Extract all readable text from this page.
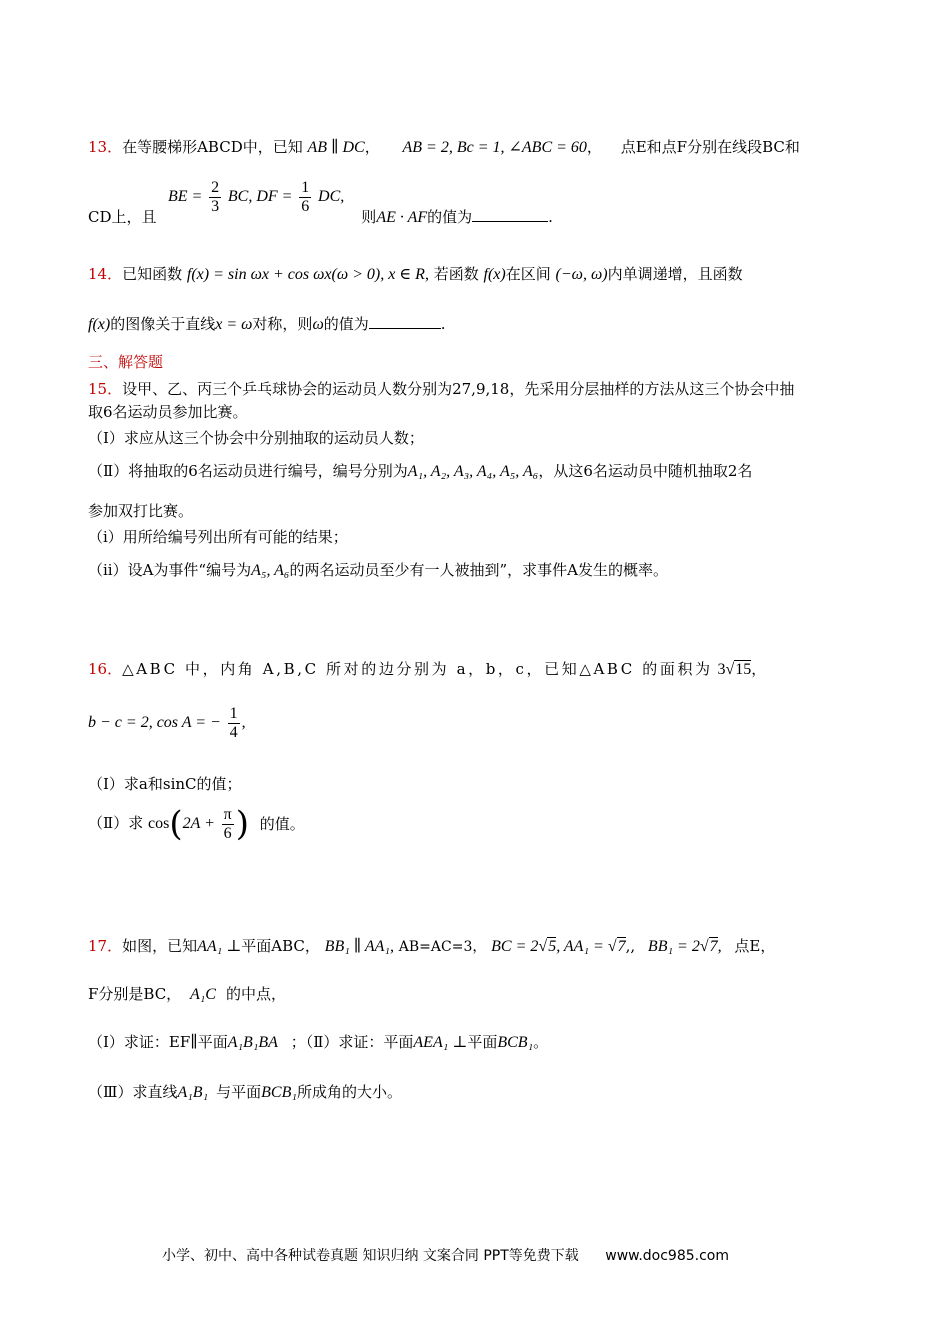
13．在等腰梯形ABCD中，已知 AB ∥ DC， AB = 2, Bc = 1, ∠ABC = 60， 点E和点F分别在线段BC和
BE = $\frac{2}{3}$ BC, DF = $\frac{1}{6}$ DC,
CD上，且	则AE · AF的值为	.
14．已知函数 f(x) = sin ωx + cos ωx(ω > 0), x ∈ R, 若函数 f(x)在区间 (−ω, ω)内单调递增，且函数
f(x)的图像关于直线x = ω对称，则ω的值为	.
三、解答题
15．设甲、乙、丙三个乒乓球协会的运动员人数分别为27,9,18，先采用分层抽样的方法从这三个协会中抽
取6名运动员参加比赛。
（Ⅰ）求应从这三个协会中分别抽取的运动员人数；
（Ⅱ）将抽取的6名运动员进行编号，编号分别为A₁, A₂, A₃, A₄, A₅, A₆，从这6名运动员中随机抽取2名
参加双打比赛。
（i）用所给编号列出所有可能的结果；
（ii）设A为事件“编号为A₅, A₆的两名运动员至少有一人被抽到”，求事件A发生的概率。
16．△ABC 中，内角 A,B,C 所对的边分别为 a，b，c，已知△ABC 的面积为 3√15，
b − c = 2, cos A = − $\frac{1}{4}$ ,
（Ⅰ）求a和sinC的值；
（Ⅱ）求 $\cos(2A + \frac{\pi}{6}$ ) 的值。
17．如图，已知AA₁ ⊥平面ABC， BB₁ ∥ AA₁, AB=AC=3， BC = 2√5, AA₁ = √7,, BB₁ = 2√7, 点E，
F分别是BC， A₁C 的中点，
（Ⅰ）求证：EF∥平面A₁B₁BA ；（Ⅱ）求证：平面AEA₁ ⊥平面BCB₁。
（Ⅲ）求直线A₁B₁ 与平面BCB₁所成角的大小。
小学、初中、高中各种试卷真题 知识归纳 文案合同 PPT等免费下载 www.doc985.com
